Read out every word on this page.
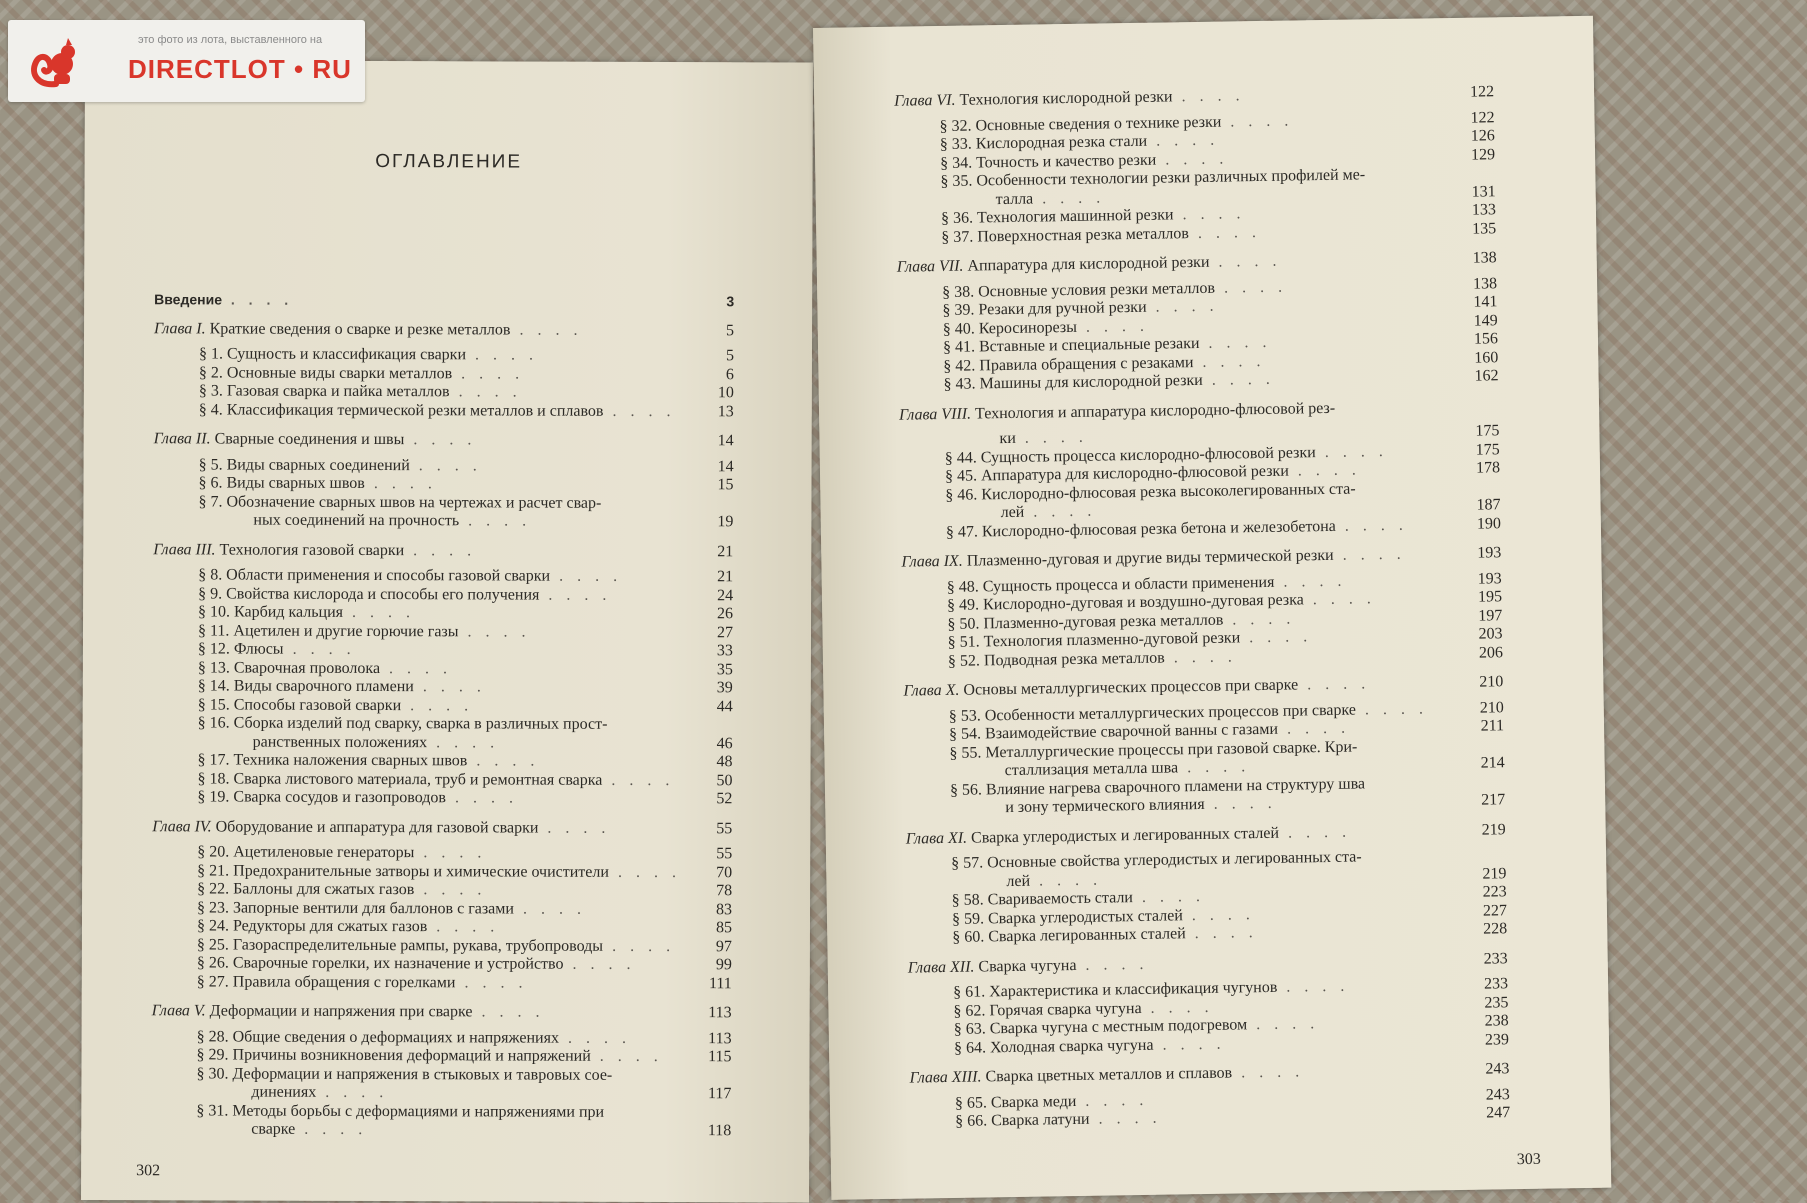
это фото из лота, выставленного на
DIRECTLOT • RU
ОГЛАВЛЕНИЕ
Введение . . . .	3
Глава I. Краткие сведения о сварке и резке металлов . . . .	5
§ 1. Сущность и классификация сварки . . . .	5
§ 2. Основные виды сварки металлов . . . .	6
§ 3. Газовая сварка и пайка металлов . . . .	10
§ 4. Классификация термической резки металлов и сплавов . . . .	13
Глава II. Сварные соединения и швы . . . .	14
§ 5. Виды сварных соединений . . . .	14
§ 6. Виды сварных швов . . . .	15
§ 7. Обозначение сварных швов на чертежах и расчет свар-
ных соединений на прочность . . . .	19
Глава III. Технология газовой сварки . . . .	21
§ 8. Области применения и способы газовой сварки . . . .	21
§ 9. Свойства кислорода и способы его получения . . . .	24
§ 10. Карбид кальция . . . .	26
§ 11. Ацетилен и другие горючие газы . . . .	27
§ 12. Флюсы . . . .	33
§ 13. Сварочная проволока . . . .	35
§ 14. Виды сварочного пламени . . . .	39
§ 15. Способы газовой сварки . . . .	44
§ 16. Сборка изделий под сварку, сварка в различных прост-
ранственных положениях . . . .	46
§ 17. Техника наложения сварных швов . . . .	48
§ 18. Сварка листового материала, труб и ремонтная сварка . . . .	50
§ 19. Сварка сосудов и газопроводов . . . .	52
Глава IV. Оборудование и аппаратура для газовой сварки . . . .	55
§ 20. Ацетиленовые генераторы . . . .	55
§ 21. Предохранительные затворы и химические очистители . . . .	70
§ 22. Баллоны для сжатых газов . . . .	78
§ 23. Запорные вентили для баллонов с газами . . . .	83
§ 24. Редукторы для сжатых газов . . . .	85
§ 25. Газораспределительные рампы, рукава, трубопроводы . . . .	97
§ 26. Сварочные горелки, их назначение и устройство . . . .	99
§ 27. Правила обращения с горелками . . . .	111
Глава V. Деформации и напряжения при сварке . . . .	113
§ 28. Общие сведения о деформациях и напряжениях . . . .	113
§ 29. Причины возникновения деформаций и напряжений . . . .	115
§ 30. Деформации и напряжения в стыковых и тавровых сое-
динениях . . . .	117
§ 31. Методы борьбы с деформациями и напряжениями при
сварке . . . .	118
302
Глава VI. Технология кислородной резки . . . .	122
§ 32. Основные сведения о технике резки . . . .	122
§ 33. Кислородная резка стали . . . .	126
§ 34. Точность и качество резки . . . .	129
§ 35. Особенности технологии резки различных профилей ме-
талла . . . .	131
§ 36. Технология машинной резки . . . .	133
§ 37. Поверхностная резка металлов . . . .	135
Глава VII. Аппаратура для кислородной резки . . . .	138
§ 38. Основные условия резки металлов . . . .	138
§ 39. Резаки для ручной резки . . . .	141
§ 40. Керосинорезы . . . .	149
§ 41. Вставные и специальные резаки . . . .	156
§ 42. Правила обращения с резаками . . . .	160
§ 43. Машины для кислородной резки . . . .	162
Глава VIII. Технология и аппаратура кислородно-флюсовой рез-
ки . . . .	175
§ 44. Сущность процесса кислородно-флюсовой резки . . . .	175
§ 45. Аппаратура для кислородно-флюсовой резки . . . .	178
§ 46. Кислородно-флюсовая резка высоколегированных ста-
лей . . . .	187
§ 47. Кислородно-флюсовая резка бетона и железобетона . . . .	190
Глава IX. Плазменно-дуговая и другие виды термической резки . . . .	193
§ 48. Сущность процесса и области применения . . . .	193
§ 49. Кислородно-дуговая и воздушно-дуговая резка . . . .	195
§ 50. Плазменно-дуговая резка металлов . . . .	197
§ 51. Технология плазменно-дуговой резки . . . .	203
§ 52. Подводная резка металлов . . . .	206
Глава X. Основы металлургических процессов при сварке . . . .	210
§ 53. Особенности металлургических процессов при сварке . . . .	210
§ 54. Взаимодействие сварочной ванны с газами . . . .	211
§ 55. Металлургические процессы при газовой сварке. Кри-
сталлизация металла шва . . . .	214
§ 56. Влияние нагрева сварочного пламени на структуру шва
и зону термического влияния . . . .	217
Глава XI. Сварка углеродистых и легированных сталей . . . .	219
§ 57. Основные свойства углеродистых и легированных ста-
лей . . . .	219
§ 58. Свариваемость стали . . . .	223
§ 59. Сварка углеродистых сталей . . . .	227
§ 60. Сварка легированных сталей . . . .	228
Глава XII. Сварка чугуна . . . .	233
§ 61. Характеристика и классификация чугунов . . . .	233
§ 62. Горячая сварка чугуна . . . .	235
§ 63. Сварка чугуна с местным подогревом . . . .	238
§ 64. Холодная сварка чугуна . . . .	239
Глава XIII. Сварка цветных металлов и сплавов . . . .	243
§ 65. Сварка меди . . . .	243
§ 66. Сварка латуни . . . .	247
303
